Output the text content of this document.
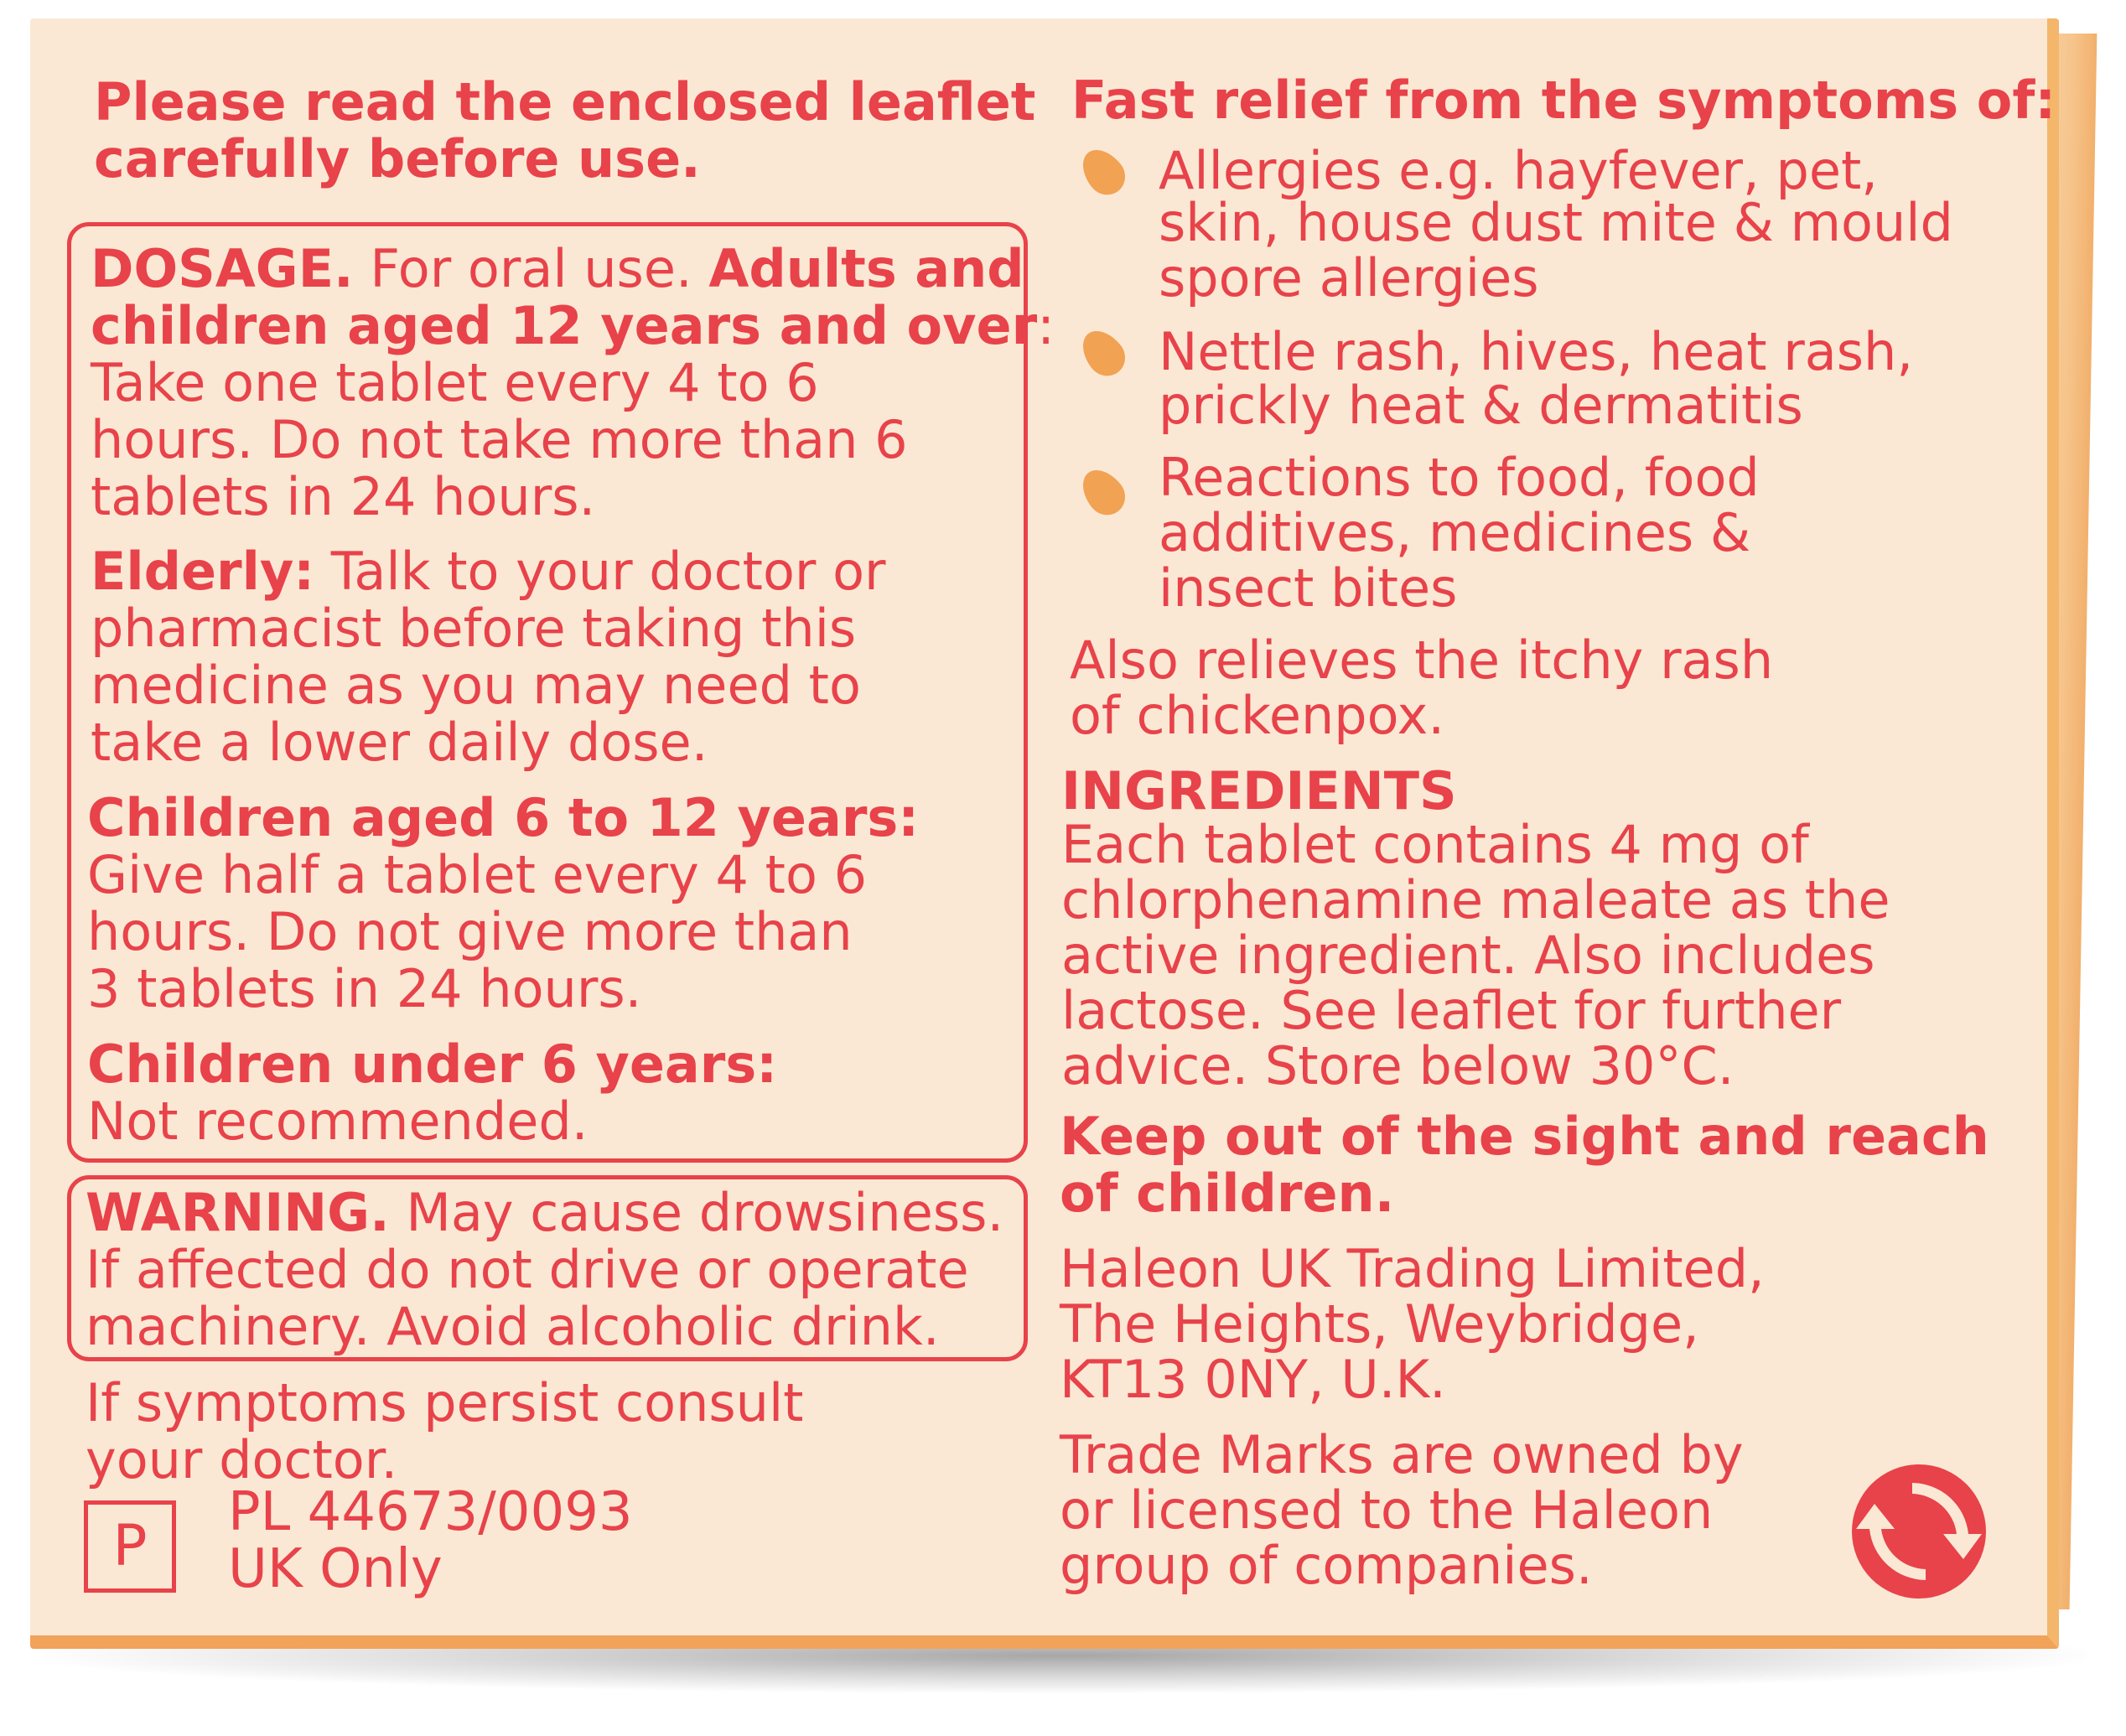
Please read the enclosed leaflet
carefully before use.
DOSAGE. For oral use. Adults and
children aged 12 years and over:
Take one tablet every 4 to 6
hours. Do not take more than 6
tablets in 24 hours.
Elderly: Talk to your doctor or
pharmacist before taking this
medicine as you may need to
take a lower daily dose.
Children aged 6 to 12 years:
Give half a tablet every 4 to 6
hours. Do not give more than
3 tablets in 24 hours.
Children under 6 years:
Not recommended.
WARNING. May cause drowsiness.
If affected do not drive or operate
machinery. Avoid alcoholic drink.
If symptoms persist consult
your doctor.
P
PL 44673/0093
UK Only
Fast relief from the symptoms of:
Allergies e.g. hayfever, pet,
skin, house dust mite & mould
spore allergies
Nettle rash, hives, heat rash,
prickly heat & dermatitis
Reactions to food, food
additives, medicines &
insect bites
Also relieves the itchy rash
of chickenpox.
INGREDIENTS
Each tablet contains 4 mg of
chlorphenamine maleate as the
active ingredient. Also includes
lactose. See leaflet for further
advice. Store below 30°C.
Keep out of the sight and reach
of children.
Haleon UK Trading Limited,
The Heights, Weybridge,
KT13 0NY, U.K.
Trade Marks are owned by
or licensed to the Haleon
group of companies.
